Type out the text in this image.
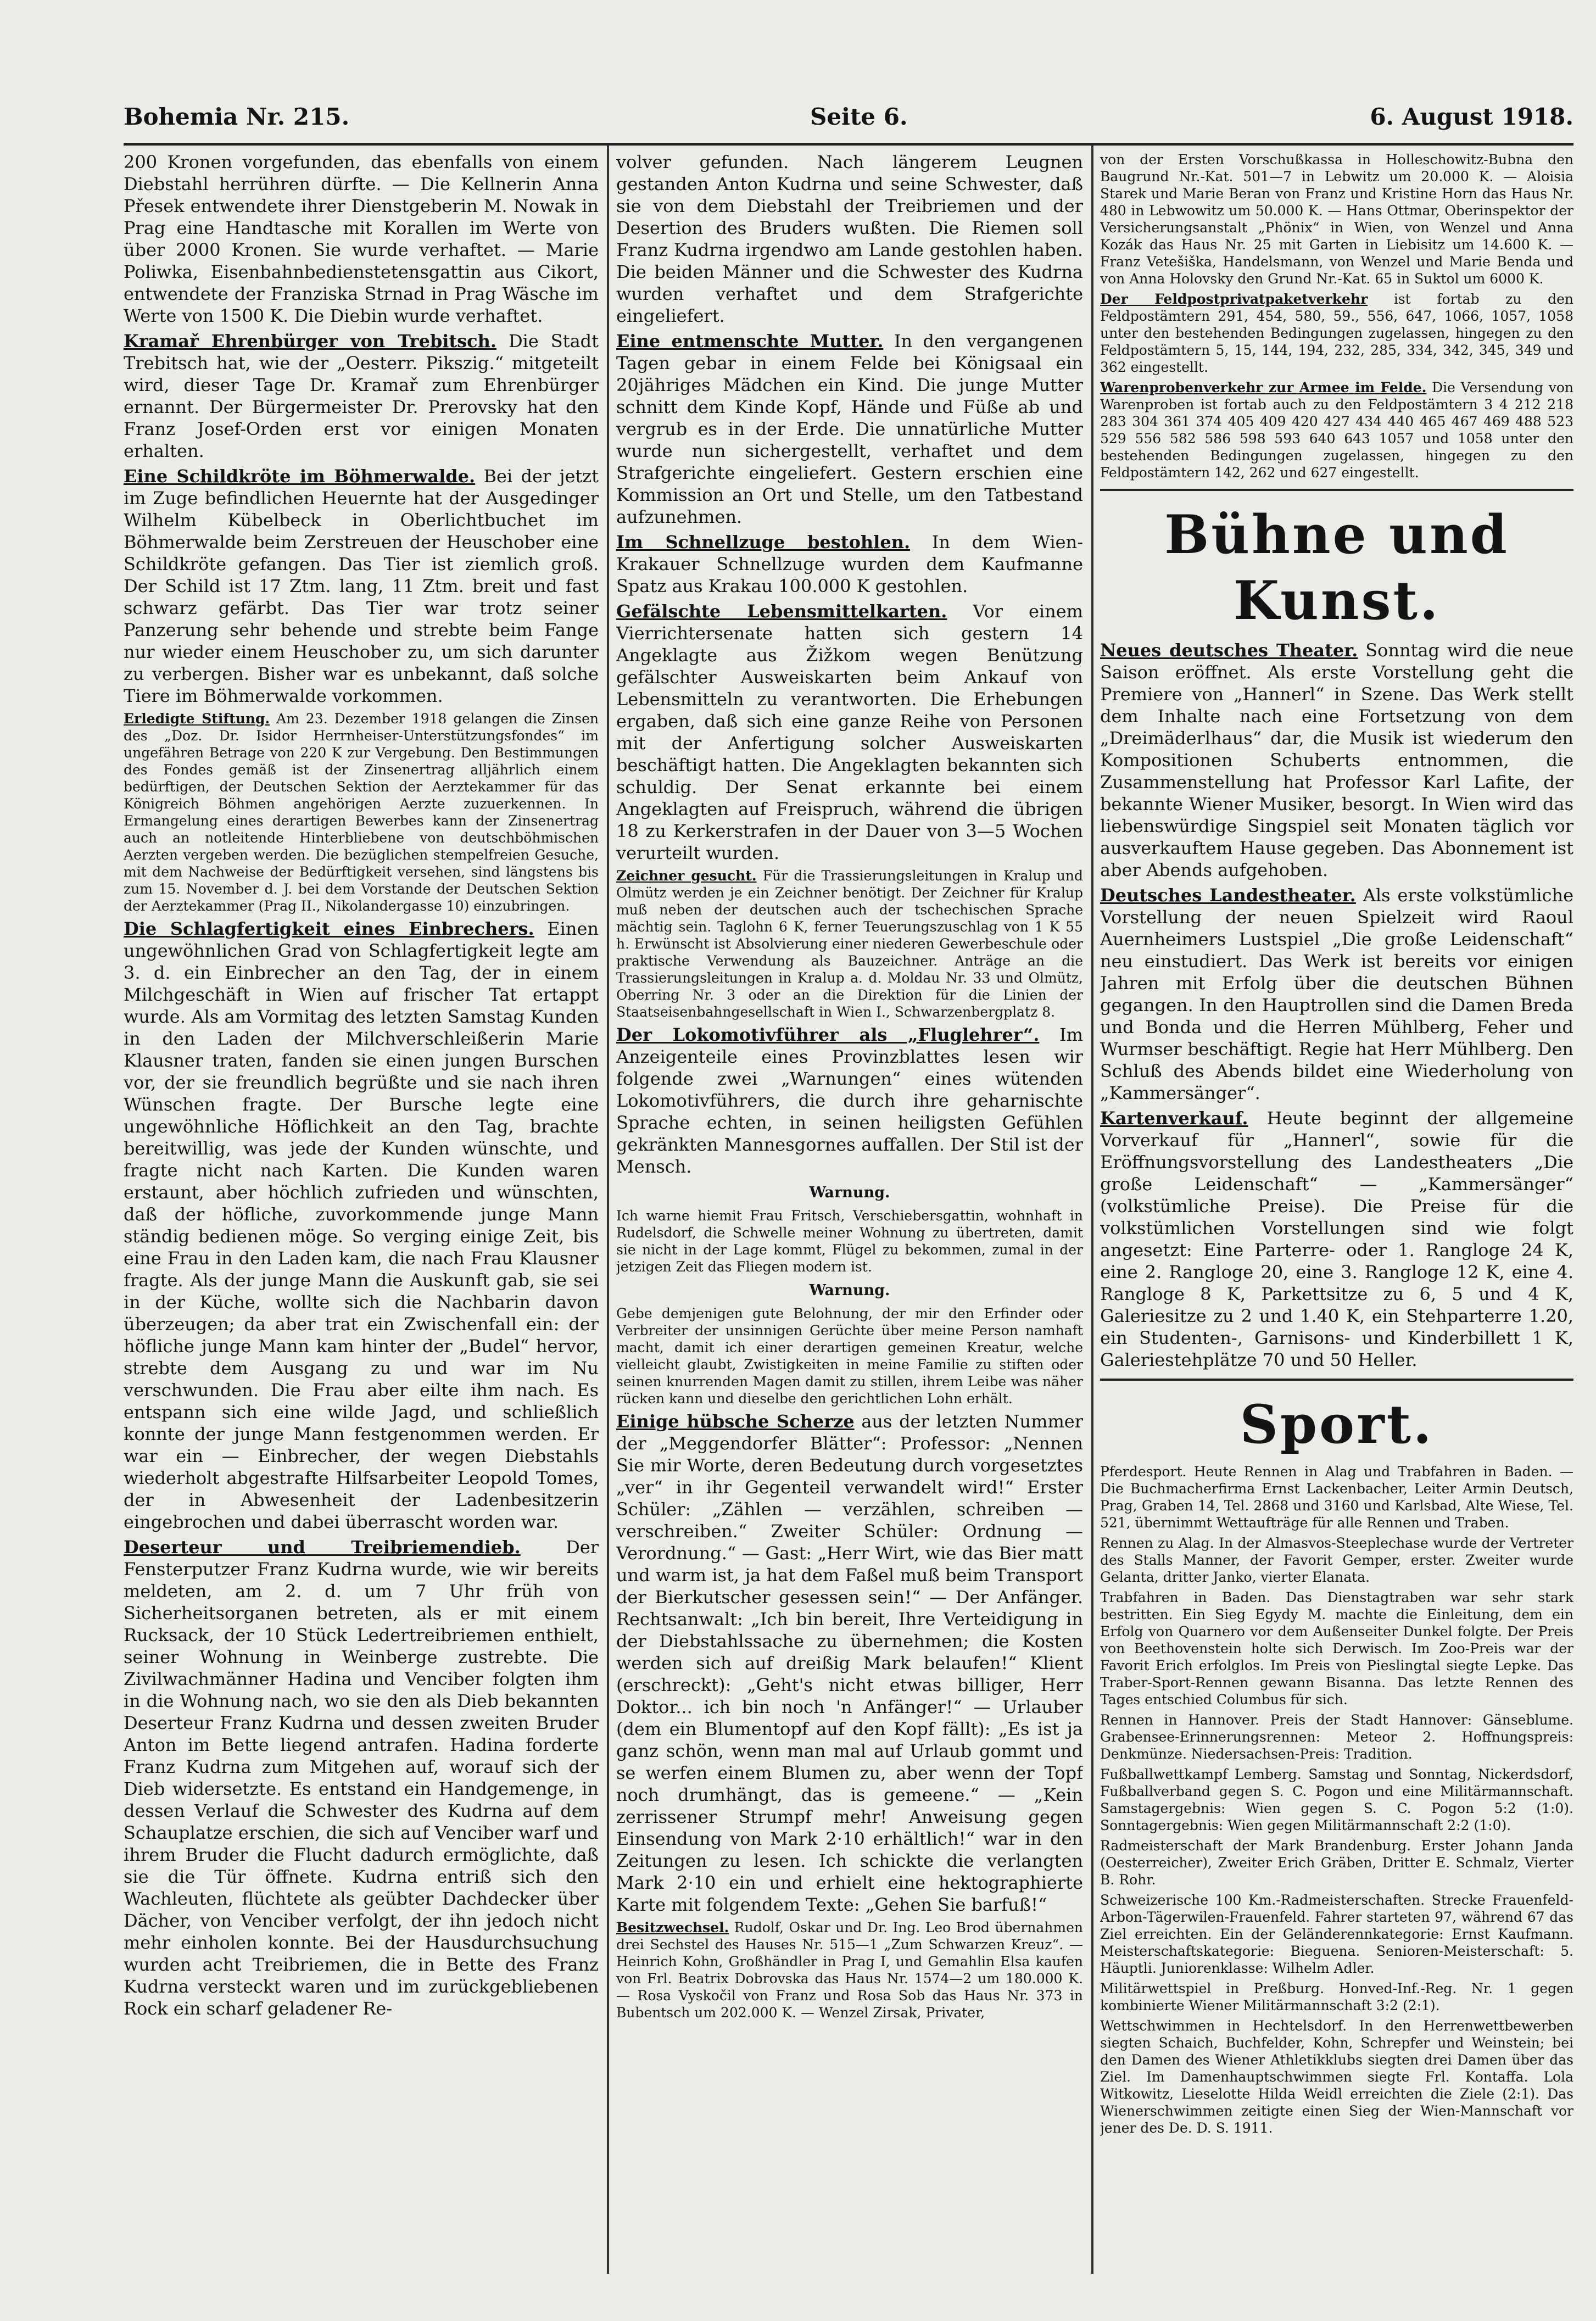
Bohemia Nr. 215.	Seite 6.	6. August 1918.

200 Kronen vorgefunden, das ebenfalls von einem Diebstahl herrühren dürfte. — Die Kellnerin Anna Přesek entwendete ihrer Dienstgeberin M. Nowak in Prag eine Handtasche mit Korallen im Werte von über 2000 Kronen. Sie wurde verhaftet. — Marie Poliwka, Eisenbahnbedienstetensgattin aus Cikort, entwendete der Franziska Strnad in Prag Wäsche im Werte von 1500 K. Die Diebin wurde verhaftet.

Kramař Ehrenbürger von Trebitsch. Die Stadt Trebitsch hat, wie der „Oesterr. Pikszig.“ mitgeteilt wird, dieser Tage Dr. Kramař zum Ehrenbürger ernannt. Der Bürgermeister Dr. Prerovsky hat den Franz Josef-Orden erst vor einigen Monaten erhalten.

Eine Schildkröte im Böhmerwalde. Bei der jetzt im Zuge befindlichen Heuernte hat der Ausgedinger Wilhelm Kübelbeck in Oberlichtbuchet im Böhmerwalde beim Zerstreuen der Heuschober eine Schildkröte gefangen. Das Tier ist ziemlich groß. Der Schild ist 17 Ztm. lang, 11 Ztm. breit und fast schwarz gefärbt. Das Tier war trotz seiner Panzerung sehr behende und strebte beim Fange nur wieder einem Heuschober zu, um sich darunter zu verbergen. Bisher war es unbekannt, daß solche Tiere im Böhmerwalde vorkommen.

Erledigte Stiftung. Am 23. Dezember 1918 gelangen die Zinsen des „Doz. Dr. Isidor Herrnheiser-Unterstützungsfondes“ im ungefähren Betrage von 220 K zur Vergebung. Den Bestimmungen des Fondes gemäß ist der Zinsenertrag alljährlich einem bedürftigen, der Deutschen Sektion der Aerztekammer für das Königreich Böhmen angehörigen Aerzte zuzuerkennen. In Ermangelung eines derartigen Bewerbes kann der Zinsenertrag auch an notleitende Hinterbliebene von deutschböhmischen Aerzten vergeben werden. Die bezüglichen stempelfreien Gesuche, mit dem Nachweise der Bedürftigkeit versehen, sind längstens bis zum 15. November d. J. bei dem Vorstande der Deutschen Sektion der Aerztekammer (Prag II., Nikolandergasse 10) einzubringen.

Die Schlagfertigkeit eines Einbrechers. Einen ungewöhnlichen Grad von Schlagfertigkeit legte am 3. d. ein Einbrecher an den Tag, der in einem Milchgeschäft in Wien auf frischer Tat ertappt wurde. Als am Vormitag des letzten Samstag Kunden in den Laden der Milchverschleißerin Marie Klausner traten, fanden sie einen jungen Burschen vor, der sie freundlich begrüßte und sie nach ihren Wünschen fragte. Der Bursche legte eine ungewöhnliche Höflichkeit an den Tag, brachte bereitwillig, was jede der Kunden wünschte, und fragte nicht nach Karten. Die Kunden waren erstaunt, aber höchlich zufrieden und wünschten, daß der höfliche, zuvorkommende junge Mann ständig bedienen möge. So verging einige Zeit, bis eine Frau in den Laden kam, die nach Frau Klausner fragte. Als der junge Mann die Auskunft gab, sie sei in der Küche, wollte sich die Nachbarin davon überzeugen; da aber trat ein Zwischenfall ein: der höfliche junge Mann kam hinter der „Budel“ hervor, strebte dem Ausgang zu und war im Nu verschwunden. Die Frau aber eilte ihm nach. Es entspann sich eine wilde Jagd, und schließlich konnte der junge Mann festgenommen werden. Er war ein — Einbrecher, der wegen Diebstahls wiederholt abgestrafte Hilfsarbeiter Leopold Tomes, der in Abwesenheit der Ladenbesitzerin eingebrochen und dabei überrascht worden war.

Deserteur und Treibriemendieb.	Der Fensterputzer Franz Kudrna wurde, wie wir bereits meldeten, am 2. d. um 7 Uhr früh von Sicherheitsorganen betreten, als er mit einem Rucksack, der 10 Stück Ledertreibriemen enthielt, seiner Wohnung in Weinberge zustrebte. Die Zivilwachmänner Hadina und Venciber folgten ihm in die Wohnung nach, wo sie den als Dieb bekannten Deserteur Franz Kudrna und dessen zweiten Bruder Anton im Bette liegend antrafen. Hadina forderte Franz Kudrna zum Mitgehen auf, worauf sich der Dieb widersetzte. Es entstand ein Handgemenge, in dessen Verlauf die Schwester des Kudrna auf dem Schauplatze erschien, die sich auf Venciber warf und ihrem Bruder die Flucht dadurch ermöglichte, daß sie die Tür öffnete. Kudrna entriß sich den Wachleuten, flüchtete als geübter Dachdecker über Dächer, von Venciber verfolgt, der ihn jedoch nicht mehr einholen konnte. Bei der Hausdurchsuchung wurden acht Treibriemen, die in Bette des Franz Kudrna versteckt waren und im zurückgebliebenen Rock ein scharf geladener Re-

volver gefunden. Nach längerem Leugnen gestanden Anton Kudrna und seine Schwester, daß sie von dem Diebstahl der Treibriemen und der Desertion des Bruders wußten. Die Riemen soll Franz Kudrna irgendwo am Lande gestohlen haben. Die beiden Männer und die Schwester des Kudrna wurden verhaftet und dem Strafgerichte eingeliefert.

Eine entmenschte Mutter. In den vergangenen Tagen gebar in einem Felde bei Königsaal ein 20jähriges Mädchen ein Kind. Die junge Mutter schnitt dem Kinde Kopf, Hände und Füße ab und vergrub es in der Erde. Die unnatürliche Mutter wurde nun sichergestellt, verhaftet und dem Strafgerichte eingeliefert. Gestern erschien eine Kommission an Ort und Stelle, um den Tatbestand aufzunehmen.

Im Schnellzuge bestohlen. In dem Wien-Krakauer Schnellzuge wurden dem Kaufmanne Spatz aus Krakau 100.000 K gestohlen.

Gefälschte Lebensmittelkarten. Vor einem Vierrichtersenate hatten sich gestern 14 Angeklagte aus Žižkom wegen Benützung gefälschter Ausweiskarten beim Ankauf von Lebensmitteln zu verantworten. Die Erhebungen ergaben, daß sich eine ganze Reihe von Personen mit der Anfertigung solcher Ausweiskarten beschäftigt hatten. Die Angeklagten bekannten sich schuldig. Der Senat erkannte bei einem Angeklagten auf Freispruch, während die übrigen 18 zu Kerkerstrafen in der Dauer von 3—5 Wochen verurteilt wurden.

Zeichner gesucht. Für die Trassierungsleitungen in Kralup und Olmütz werden je ein Zeichner benötigt. Der Zeichner für Kralup muß neben der deutschen auch der tschechischen Sprache mächtig sein. Taglohn 6 K, ferner Teuerungszuschlag von 1 K 55 h. Erwünscht ist Absolvierung einer niederen Gewerbeschule oder praktische Verwendung als Bauzeichner. Anträge an die Trassierungsleitungen in Kralup a. d. Moldau Nr. 33 und Olmütz, Oberring Nr. 3 oder an die Direktion für die Linien der Staatseisenbahngesellschaft in Wien I., Schwarzenbergplatz 8.

Der Lokomotivführer als „Fluglehrer“. Im Anzeigenteile eines Provinzblattes lesen wir folgende zwei „Warnungen“ eines wütenden Lokomotivführers, die durch ihre geharnischte Sprache echten, in seinen heiligsten Gefühlen gekränkten Mannesgornes auffallen. Der Stil ist der Mensch.

Warnung.

Ich warne hiemit Frau Fritsch, Verschiebersgattin, wohnhaft in Rudelsdorf, die Schwelle meiner Wohnung zu übertreten, damit sie nicht in der Lage kommt, Flügel zu bekommen, zumal in der jetzigen Zeit das Fliegen modern ist.

Warnung.

Gebe demjenigen gute Belohnung, der mir den Erfinder oder Verbreiter der unsinnigen Gerüchte über meine Person namhaft macht, damit ich einer derartigen gemeinen Kreatur, welche vielleicht glaubt, Zwistigkeiten in meine Familie zu stiften oder seinen knurrenden Magen damit zu stillen, ihrem Leibe was näher rücken kann und dieselbe den gerichtlichen Lohn erhält.

Einige hübsche Scherze aus der letzten Nummer der „Meggendorfer Blätter“: Professor: „Nennen Sie mir Worte, deren Bedeutung durch vorgesetztes „ver“ in ihr Gegenteil verwandelt wird!“ Erster Schüler: „Zählen — verzählen, schreiben — verschreiben.“ Zweiter Schüler: Ordnung — Verordnung.“ — Gast: „Herr Wirt, wie das Bier matt und warm ist, ja hat dem Faßel muß beim Transport der Bierkutscher gesessen sein!“ — Der Anfänger. Rechtsanwalt: „Ich bin bereit, Ihre Verteidigung in der Diebstahlssache zu übernehmen; die Kosten werden sich auf dreißig Mark belaufen!“ Klient (erschreckt): „Geht's nicht etwas billiger, Herr Doktor... ich bin noch 'n Anfänger!“ — Urlauber (dem ein Blumentopf auf den Kopf fällt): „Es ist ja ganz schön, wenn man mal auf Urlaub gommt und se werfen einem Blumen zu, aber wenn der Topf noch drumhängt, das is gemeene.“ — „Kein zerrissener Strumpf mehr! Anweisung gegen Einsendung von Mark 2·10 erhältlich!“ war in den Zeitungen zu lesen. Ich schickte die verlangten Mark 2·10 ein und erhielt eine hektographierte Karte mit folgendem Texte: „Gehen Sie barfuß!“

Besitzwechsel. Rudolf, Oskar und Dr. Ing. Leo Brod übernahmen drei Sechstel des Hauses Nr. 515—1 „Zum Schwarzen Kreuz“. — Heinrich Kohn, Großhändler in Prag I, und Gemahlin Elsa kaufen von Frl. Beatrix Dobrovska das Haus Nr. 1574—2 um 180.000 K. — Rosa Vyskočil von Franz und Rosa Sob das Haus Nr. 373 in Bubentsch um 202.000 K. — Wenzel Zirsak, Privater,

von der Ersten Vorschußkassa in Holleschowitz-Bubna den Baugrund Nr.-Kat. 501—7 in Lebwitz um 20.000 K. — Aloisia Starek und Marie Beran von Franz und Kristine Horn das Haus Nr. 480 in Lebwowitz um 50.000 K. — Hans Ottmar, Oberinspektor der Versicherungsanstalt „Phönix“ in Wien, von Wenzel und Anna Kozák das Haus Nr. 25 mit Garten in Liebisitz um 14.600 K. — Franz Vetešiška, Handelsmann, von Wenzel und Marie Benda und von Anna Holovsky den Grund Nr.-Kat. 65 in Suktol um 6000 K.

Der Feldpostprivatpaketverkehr ist fortab zu den Feldpostämtern 291, 454, 580, 59., 556, 647, 1066, 1057, 1058 unter den bestehenden Bedingungen zugelassen, hingegen zu den Feldpostämtern 5, 15, 144, 194, 232, 285, 334, 342, 345, 349 und 362 eingestellt.

Warenprobenverkehr zur Armee im Felde. Die Versendung von Warenproben ist fortab auch zu den Feldpostämtern 3 4 212 218 283 304 361 374 405 409 420 427 434 440 465 467 469 488 523 529 556 582 586 598 593 640 643 1057 und 1058 unter den bestehenden Bedingungen zugelassen, hingegen zu den Feldpostämtern 142, 262 und 627 eingestellt.

Bühne und Kunst.

Neues deutsches Theater. Sonntag wird die neue Saison eröffnet. Als erste Vorstellung geht die Premiere von „Hannerl“ in Szene. Das Werk stellt dem Inhalte nach eine Fortsetzung von dem „Dreimäderlhaus“ dar, die Musik ist wiederum den Kompositionen Schuberts entnommen, die Zusammenstellung hat Professor Karl Lafite, der bekannte Wiener Musiker, besorgt. In Wien wird das liebenswürdige Singspiel seit Monaten täglich vor ausverkauftem Hause gegeben. Das Abonnement ist aber Abends aufgehoben.

Deutsches Landestheater. Als erste volkstümliche Vorstellung der neuen Spielzeit wird Raoul Auernheimers Lustspiel „Die große Leidenschaft“ neu einstudiert. Das Werk ist bereits vor einigen Jahren mit Erfolg über die deutschen Bühnen gegangen. In den Hauptrollen sind die Damen Breda und Bonda und die Herren Mühlberg, Feher und Wurmser beschäftigt. Regie hat Herr Mühlberg. Den Schluß des Abends bildet eine Wiederholung von „Kammersänger“.

Kartenverkauf. Heute beginnt der allgemeine Vorverkauf für „Hannerl“, sowie für die Eröffnungsvorstellung des Landestheaters „Die große Leidenschaft“ — „Kammersänger“ (volkstümliche Preise). Die Preise für die volkstümlichen Vorstellungen sind wie folgt angesetzt: Eine Parterre- oder 1. Rangloge 24 K, eine 2. Rangloge 20, eine 3. Rangloge 12 K, eine 4. Rangloge 8 K, Parkettsitze zu 6, 5 und 4 K, Galeriesitze zu 2 und 1.40 K, ein Stehparterre 1.20, ein Studenten-, Garnisons- und Kinderbillett 1 K, Galeriestehplätze 70 und 50 Heller.

Sport.

Pferdesport. Heute Rennen in Alag und Trabfahren in Baden. — Die Buchmacherfirma Ernst Lackenbacher, Leiter Armin Deutsch, Prag, Graben 14, Tel. 2868 und 3160 und Karlsbad, Alte Wiese, Tel. 521, übernimmt Wettaufträge für alle Rennen und Traben.

Rennen zu Alag. In der Almasvos-Steeplechase wurde der Vertreter des Stalls Manner, der Favorit Gemper, erster. Zweiter wurde Gelanta, dritter Janko, vierter Elanata.

Trabfahren in Baden. Das Dienstagtraben war sehr stark bestritten. Ein Sieg Egydy M. machte die Einleitung, dem ein Erfolg von Quarnero vor dem Außenseiter Dunkel folgte. Der Preis von Beethovenstein holte sich Derwisch. Im Zoo-Preis war der Favorit Erich erfolglos. Im Preis von Pieslingtal siegte Lepke. Das Traber-Sport-Rennen gewann Bisanna. Das letzte Rennen des Tages entschied Columbus für sich.

Rennen in Hannover. Preis der Stadt Hannover: Gänseblume. Grabensee-Erinnerungsrennen: Meteor 2. Hoffnungspreis: Denkmünze. Niedersachsen-Preis: Tradition.

Fußballwettkampf Lemberg. Samstag und Sonntag, Nickerdsdorf, Fußballverband gegen S. C. Pogon und eine Militärmannschaft. Samstagergebnis: Wien gegen S. C. Pogon 5:2 (1:0). Sonntagergebnis: Wien gegen Militärmannschaft 2:2 (1:0).

Radmeisterschaft der Mark Brandenburg. Erster Johann Janda (Oesterreicher), Zweiter Erich Gräben, Dritter E. Schmalz, Vierter B. Rohr.

Schweizerische 100 Km.-Radmeisterschaften. Strecke Frauenfeld-Arbon-Tägerwilen-Frauenfeld. Fahrer starteten 97, während 67 das Ziel erreichten. Ein der Geländerennkategorie: Ernst Kaufmann. Meisterschaftskategorie: Bieguena. Senioren-Meisterschaft: 5. Häuptli. Juniorenklasse: Wilhelm Adler.

Militärwettspiel in Preßburg. Honved-Inf.-Reg. Nr. 1 gegen kombinierte Wiener Militärmannschaft 3:2 (2:1).

Wettschwimmen in Hechtelsdorf. In den Herrenwettbewerben siegten Schaich, Buchfelder, Kohn, Schrepfer und Weinstein; bei den Damen des Wiener Athletikklubs siegten drei Damen über das Ziel. Im Damenhauptschwimmen siegte Frl. Kontaffa. Lola Witkowitz, Lieselotte Hilda Weidl erreichten die Ziele (2:1). Das Wienerschwimmen zeitigte einen Sieg der Wien-Mannschaft vor jener des De. D. S. 1911.
